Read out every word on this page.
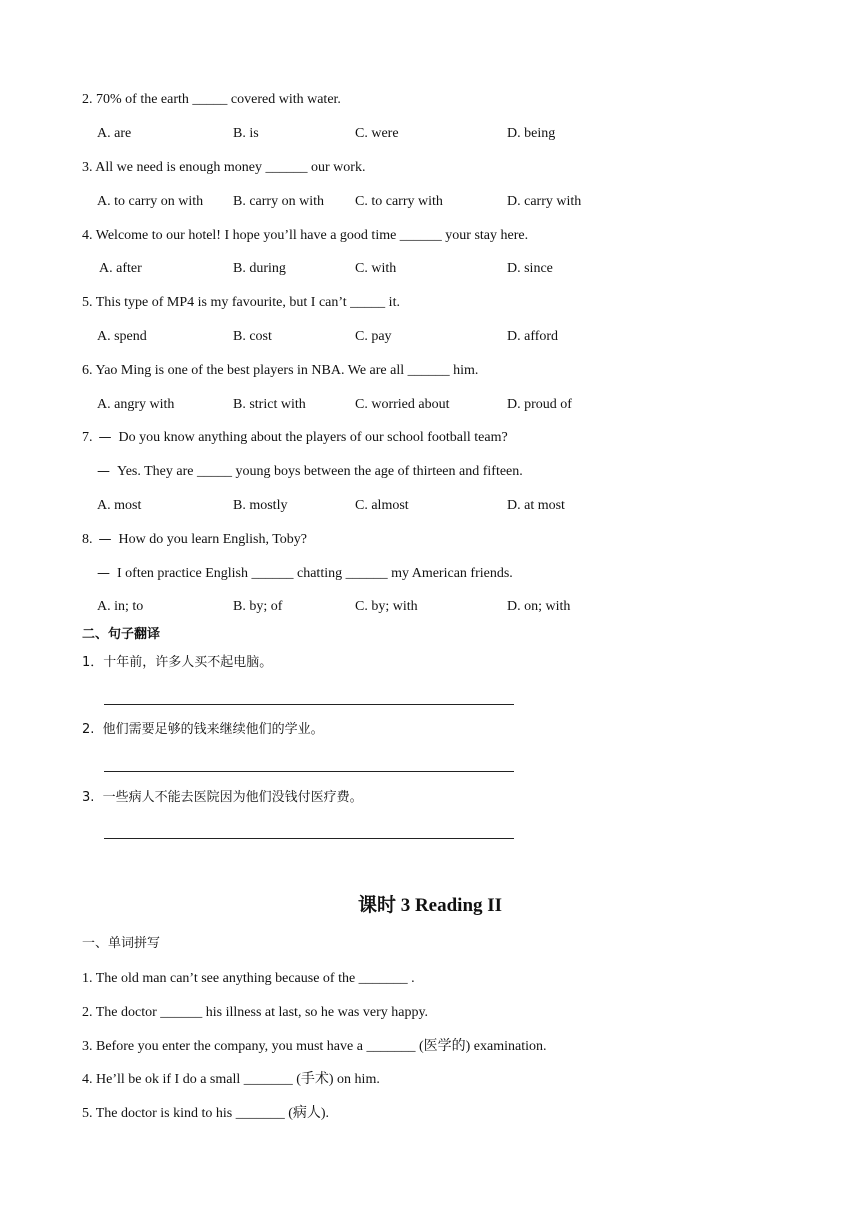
2. 70% of the earth _____ covered with water.
A. are	B. is	C. were	D. being
3. All we need is enough money ______ our work.
A. to carry on with B. carry on with C. to carry with	D. carry with
4. Welcome to our hotel! I hope you’ll have a good time ______ your stay here.
A. after	B. during	C. with	D. since
5. This type of MP4 is my favourite, but I can’t _____ it.
A. spend	B. cost	C. pay	D. afford
6. Yao Ming is one of the best players in NBA. We are all ______ him.
A. angry with	B. strict with	C. worried about	D. proud of
7. — Do you know anything about the players of our school football team?
— Yes. They are _____ young boys between the age of thirteen and fifteen.
A. most	B. mostly	C. almost	D. at most
8. — How do you learn English, Toby?
— I often practice English ______ chatting ______ my American friends.
A. in; to	B. by; of	C. by; with	D. on; with
二、句子翻译
1．十年前，许多人买不起电脑。
2.  他们需要足够的钱来继续他们的学业。
3.  一些病人不能去医院因为他们没钱付医疗费。
课时 3 Reading II
一、单词拼写
1. The old man can’t see anything because of the _______ .
2. The doctor ______ his illness at last, so he was very happy.
3. Before you enter the company, you must have a _______ (医学的) examination.
4. He’ll be ok if I do a small _______ (手术) on him.
5. The doctor is kind to his _______ (病人).
